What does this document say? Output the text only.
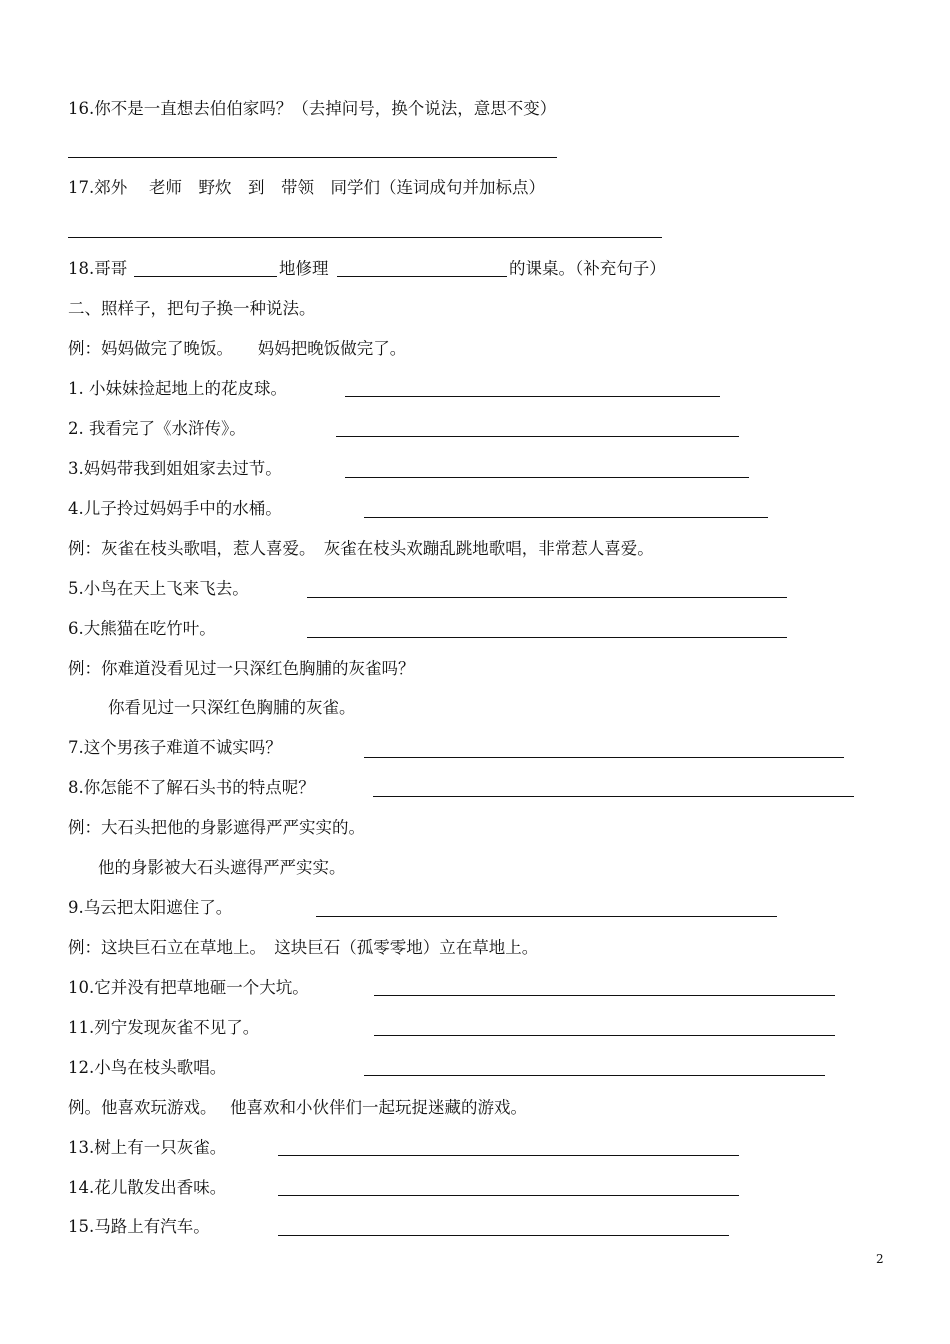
16.你不是一直想去伯伯家吗？（去掉问号，换个说法，意思不变）
17.郊外　 老师　野炊　到　带领　同学们（连词成句并加标点）
18.哥哥	地修理	的课桌。（补充句子）
二、照样子，把句子换一种说法。
例：妈妈做完了晚饭。　　妈妈把晚饭做完了。
1. 小妹妹捡起地上的花皮球。
2. 我看完了《水浒传》。
3.妈妈带我到姐姐家去过节。
4.儿子拎过妈妈手中的水桶。
例：灰雀在枝头歌唱，惹人喜爱。　灰雀在枝头欢蹦乱跳地歌唱，非常惹人喜爱。
5.小鸟在天上飞来飞去。
6.大熊猫在吃竹叶。
例：你难道没看见过一只深红色胸脯的灰雀吗？
你看见过一只深红色胸脯的灰雀。
7.这个男孩子难道不诚实吗？
8.你怎能不了解石头书的特点呢？
例：大石头把他的身影遮得严严实实的。
他的身影被大石头遮得严严实实。
9.乌云把太阳遮住了。
例：这块巨石立在草地上。　这块巨石（孤零零地）立在草地上。
10.它并没有把草地砸一个大坑。
11.列宁发现灰雀不见了。
12.小鸟在枝头歌唱。
例。他喜欢玩游戏。　 他喜欢和小伙伴们一起玩捉迷藏的游戏。
13.树上有一只灰雀。
14.花儿散发出香味。
15.马路上有汽车。
2
